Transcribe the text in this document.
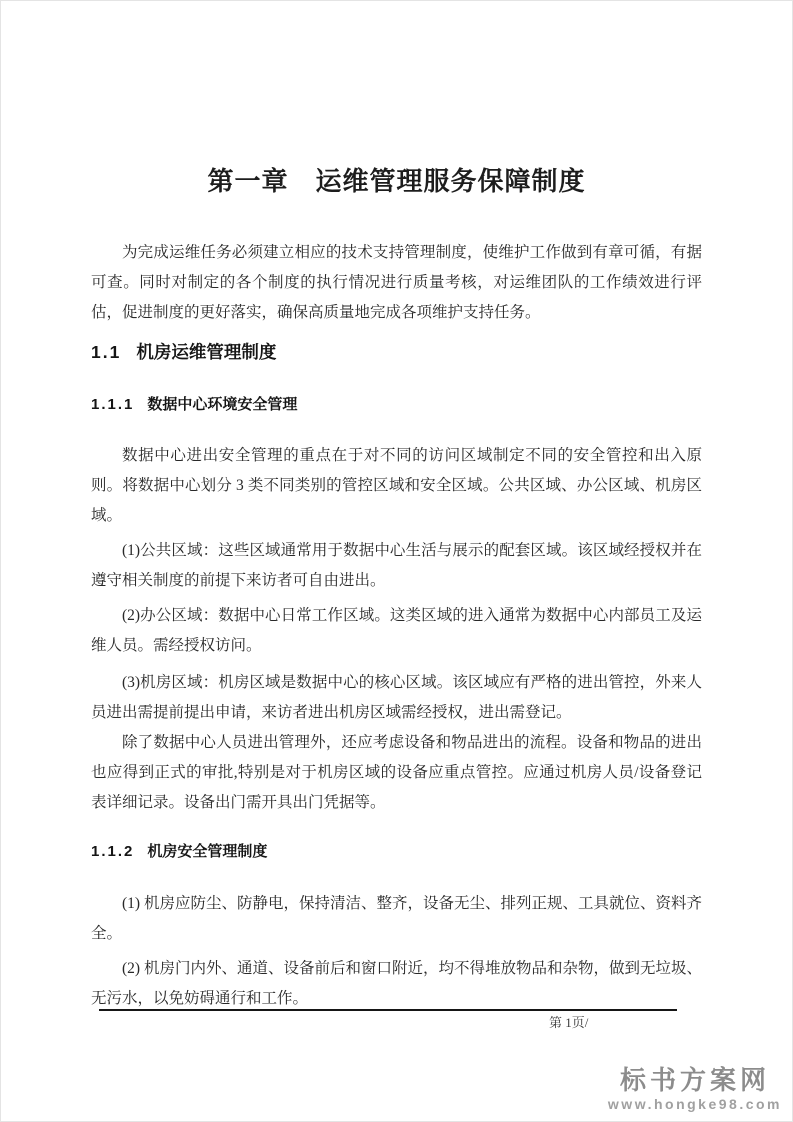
第一章　运维管理服务保障制度

为完成运维任务必须建立相应的技术支持管理制度，使维护工作做到有章可循，有据可查。同时对制定的各个制度的执行情况进行质量考核，对运维团队的工作绩效进行评估，促进制度的更好落实，确保高质量地完成各项维护支持任务。

1.1 机房运维管理制度
1.1.1 数据中心环境安全管理

数据中心进出安全管理的重点在于对不同的访问区域制定不同的安全管控和出入原则。将数据中心划分 3 类不同类别的管控区域和安全区域。公共区域、办公区域、机房区域。

(1)公共区域：这些区域通常用于数据中心生活与展示的配套区域。该区域经授权并在遵守相关制度的前提下来访者可自由进出。

(2)办公区域：数据中心日常工作区域。这类区域的进入通常为数据中心内部员工及运维人员。需经授权访问。

(3)机房区域：机房区域是数据中心的核心区域。该区域应有严格的进出管控，外来人员进出需提前提出申请，来访者进出机房区域需经授权，进出需登记。

除了数据中心人员进出管理外，还应考虑设备和物品进出的流程。设备和物品的进出也应得到正式的审批,特别是对于机房区域的设备应重点管控。应通过机房人员/设备登记表详细记录。设备出门需开具出门凭据等。

1.1.2 机房安全管理制度

(1) 机房应防尘、防静电，保持清洁、整齐，设备无尘、排列正规、工具就位、资料齐全。

(2) 机房门内外、通道、设备前后和窗口附近，均不得堆放物品和杂物，做到无垃圾、无污水，以免妨碍通行和工作。

第 1页/
标书方案网
www.hongke98.com
